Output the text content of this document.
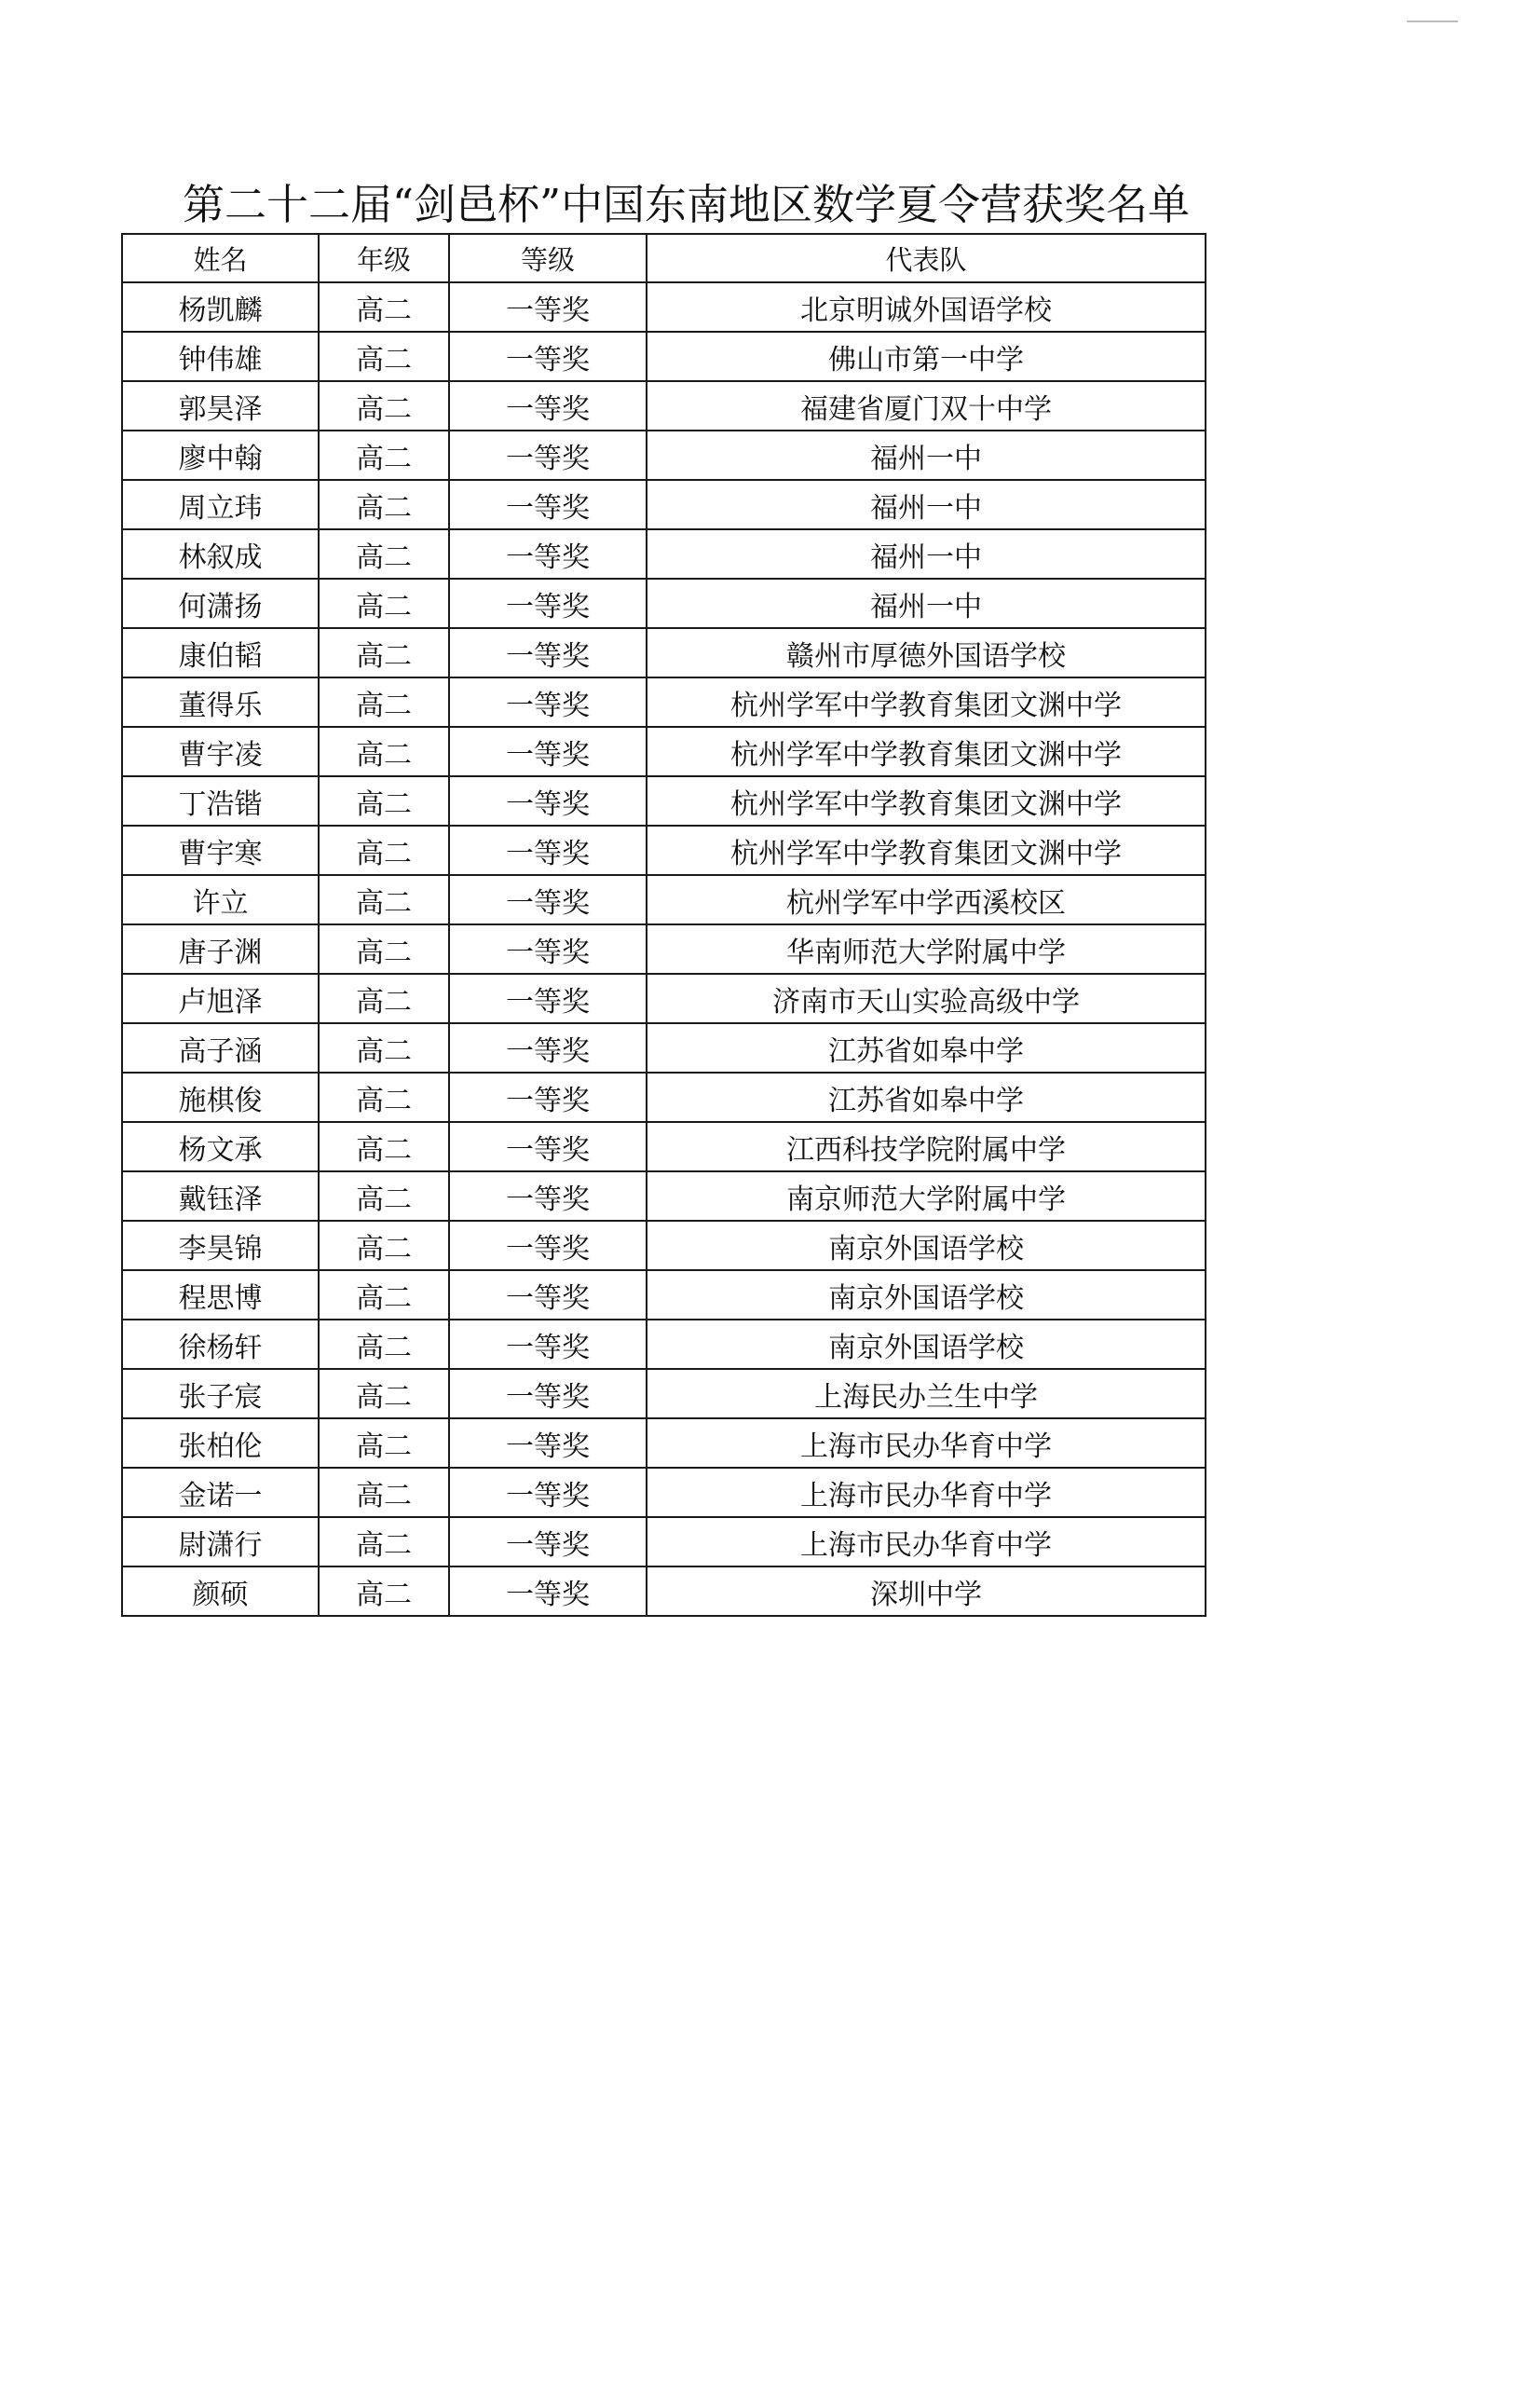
第二十二届“剑邑杯”中国东南地区数学夏令营获奖名单
姓名	年级	等级	代表队
杨凯麟	高二	一等奖	北京明诚外国语学校
钟伟雄	高二	一等奖	佛山市第一中学
郭昊泽	高二	一等奖	福建省厦门双十中学
廖中翰	高二	一等奖	福州一中
周立玮	高二	一等奖	福州一中
林叙成	高二	一等奖	福州一中
何潇扬	高二	一等奖	福州一中
康伯韬	高二	一等奖	赣州市厚德外国语学校
董得乐	高二	一等奖	杭州学军中学教育集团文渊中学
曹宇凌	高二	一等奖	杭州学军中学教育集团文渊中学
丁浩锴	高二	一等奖	杭州学军中学教育集团文渊中学
曹宇寒	高二	一等奖	杭州学军中学教育集团文渊中学
许立	高二	一等奖	杭州学军中学西溪校区
唐子渊	高二	一等奖	华南师范大学附属中学
卢旭泽	高二	一等奖	济南市天山实验高级中学
高子涵	高二	一等奖	江苏省如皋中学
施棋俊	高二	一等奖	江苏省如皋中学
杨文承	高二	一等奖	江西科技学院附属中学
戴钰泽	高二	一等奖	南京师范大学附属中学
李昊锦	高二	一等奖	南京外国语学校
程思博	高二	一等奖	南京外国语学校
徐杨轩	高二	一等奖	南京外国语学校
张子宸	高二	一等奖	上海民办兰生中学
张柏伦	高二	一等奖	上海市民办华育中学
金诺一	高二	一等奖	上海市民办华育中学
尉潇行	高二	一等奖	上海市民办华育中学
颜硕	高二	一等奖	深圳中学
